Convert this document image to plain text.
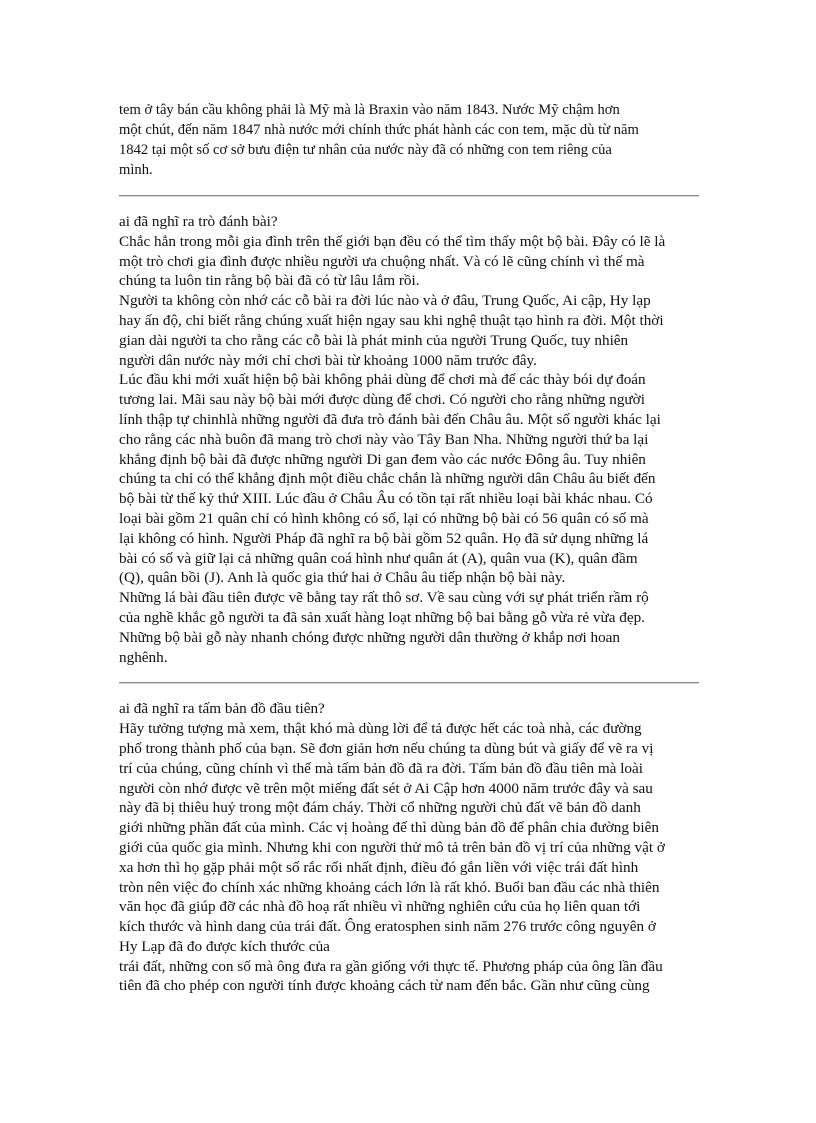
tem ở tây bán cầu không phải là Mỹ mà là Braxin vào năm 1843. Nước Mỹ chậm hơn

một chút, đến năm 1847 nhà nước mới chính thức phát hành các con tem, mặc dù từ năm

1842 tại một số cơ sở bưu điện tư nhân của nước này đã có những con tem riêng của

mình.

ai đã nghĩ ra trò đánh bài?

Chắc hẳn trong mỗi gia đình trên thế giới bạn đều có thể tìm thấy một bộ bài. Đây có lẽ là

một trò chơi gia đình được nhiều người ưa chuộng nhất. Và có lẽ cũng chính vì thế mà

chúng ta luôn tin rằng bộ bài đã có từ lâu lắm rồi.

Người ta không còn nhớ các cỗ bài ra đời lúc nào và ở đâu, Trung Quốc, Ai cập, Hy lạp

hay ấn độ, chỉ biết rằng chúng xuất hiện ngay sau khi nghệ thuật tạo hình ra đời. Một thời

gian dài người ta cho rằng các cỗ bài là phát minh của người Trung Quốc, tuy nhiên

người dân nước này mới chỉ chơi bài từ khoảng 1000 năm trước đây.

Lúc đầu khi mới xuất hiện bộ bài không phải dùng để chơi mà để các thày bói dự đoán

tương lai. Mãi sau này bộ bài mới được dùng để chơi. Có người cho rằng những người

lính thập tự chinhlà những người đã đưa trò đánh bài đến Châu âu. Một số người khác lại

cho rằng các nhà buôn đã mang trò chơi này vào Tây Ban Nha. Những người thứ ba lại

khẳng định bộ bài đã được những người Di gan đem vào các nước Đông âu. Tuy nhiên

chúng ta chỉ có thể khẳng định một điều chắc chắn là những người dân Châu âu biết đến

bộ bài từ thế kỷ thứ XIII. Lúc đầu ở Châu Âu có tồn tại rất nhiều loại bài khác nhau. Có

loại bài gồm 21 quân chỉ có hình không có số, lại có những bộ bài có 56 quân có số mà

lại không có hình. Người Pháp đã nghĩ ra bộ bài gồm 52 quân. Họ đã sử dụng những lá

bài có số và giữ lại cả những quân coá hình như quân át (A), quân vua (K), quân đầm

(Q), quân bồi (J). Anh là quốc gia thứ hai ở Châu âu tiếp nhận bộ bài này.

Những lá bài đầu tiên được vẽ bằng tay rất thô sơ. Về sau cùng với sự phát triển rầm rộ

của nghề khắc gỗ người ta đã sản xuất hàng loạt những bộ bai bằng gỗ vừa rẻ vừa đẹp.

Những bộ bài gỗ này nhanh chóng được những người dân thường ở khắp nơi hoan

nghênh.

ai đã nghĩ ra tấm bản đồ đầu tiên?

Hãy tưởng tượng mà xem, thật khó mà dùng lời để tả được hết các toà nhà, các đường

phố trong thành phố của bạn. Sẽ đơn giản hơn nếu chúng ta dùng bút và giấy để vẽ ra vị

trí của chúng, cũng chính vì thế mà tấm bản đồ đã ra đời. Tấm bản đồ đầu tiên mà loài

người còn nhớ được vẽ trên một miếng đất sét ở Ai Cập hơn 4000 năm trước đây và sau

này đã bị thiêu huỷ trong một đám cháy. Thời cổ những người chủ đất vẽ bản đồ danh

giới những phần đất của mình. Các vị hoàng đế thì dùng bản đồ để phân chia đường biên

giới của quốc gia mình. Nhưng khi con người thử mô tả trên bản đồ vị trí của những vật ở

xa hơn thì họ gặp phải một số rắc rối nhất định, điều đó gắn liền với việc trái đất hình

tròn nên việc đo chính xác những khoảng cách lớn là rất khó. Buổi ban đầu các nhà thiên

văn học đã giúp đỡ các nhà đồ hoạ rất nhiều vì những nghiên cứu của họ liên quan tới

kích thước và hình dang của trái đất. Ông eratosphen sinh năm 276 trước công nguyên ở

Hy Lạp đã đo được kích thước của

trái đất, những con số mà ông đưa ra gần giống với thực tế. Phương pháp của ông lần đầu

tiên đã cho phép con người tính được khoảng cách từ nam đến bắc. Gần như cũng cùng
